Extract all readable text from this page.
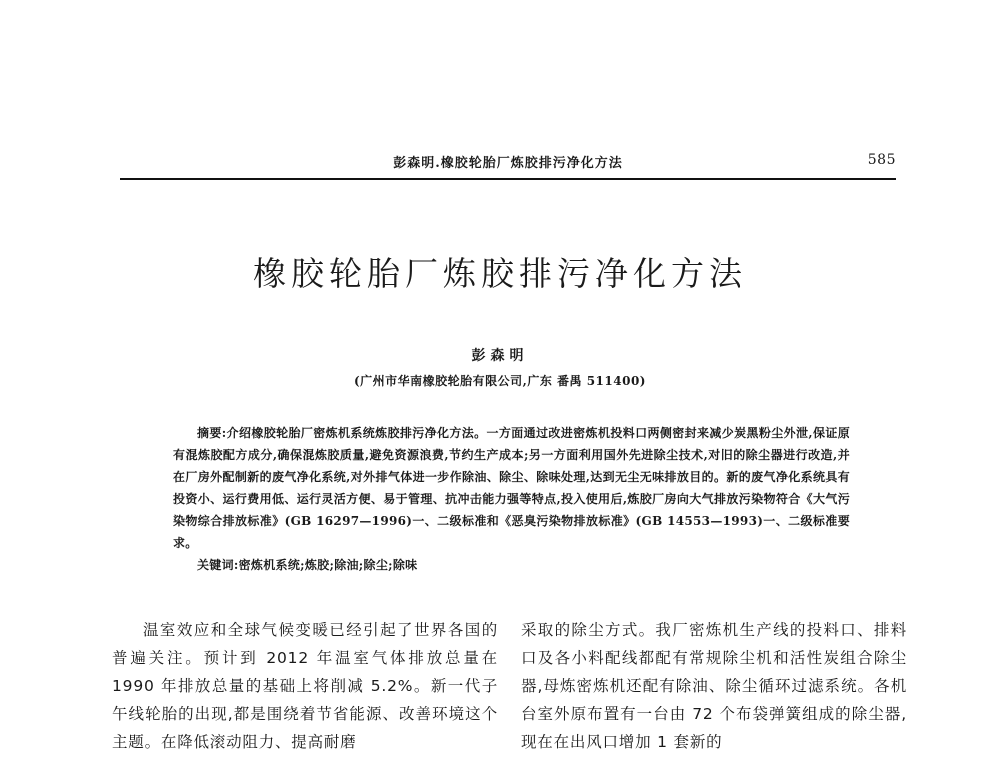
彭森明.橡胶轮胎厂炼胶排污净化方法	585
橡胶轮胎厂炼胶排污净化方法
彭森明
(广州市华南橡胶轮胎有限公司,广东 番禺 511400)

摘要:介绍橡胶轮胎厂密炼机系统炼胶排污净化方法。一方面通过改进密炼机投料口两侧密封来减少炭黑粉尘外泄,保证原有混炼胶配方成分,确保混炼胶质量,避免资源浪费,节约生产成本;另一方面利用国外先进除尘技术,对旧的除尘器进行改造,并在厂房外配制新的废气净化系统,对外排气体进一步作除油、除尘、除味处理,达到无尘无味排放目的。新的废气净化系统具有投资小、运行费用低、运行灵活方便、易于管理、抗冲击能力强等特点,投入使用后,炼胶厂房向大气排放污染物符合《大气污染物综合排放标准》(GB 16297—1996)一、二级标准和《恶臭污染物排放标准》(GB 14553—1993)一、二级标准要求。

关键词:密炼机系统;炼胶;除油;除尘;除味

温室效应和全球气候变暖已经引起了世界各国的普遍关注。预计到 2012 年温室气体排放总量在 1990 年排放总量的基础上将削减 5.2%。新一代子午线轮胎的出现,都是围绕着节省能源、改善环境这个主题。在降低滚动阻力、提高耐磨

采取的除尘方式。我厂密炼机生产线的投料口、排料口及各小料配线都配有常规除尘机和活性炭组合除尘器,母炼密炼机还配有除油、除尘循环过滤系统。各机台室外原布置有一台由 72 个布袋弹簧组成的除尘器,现在在出风口增加 1 套新的
